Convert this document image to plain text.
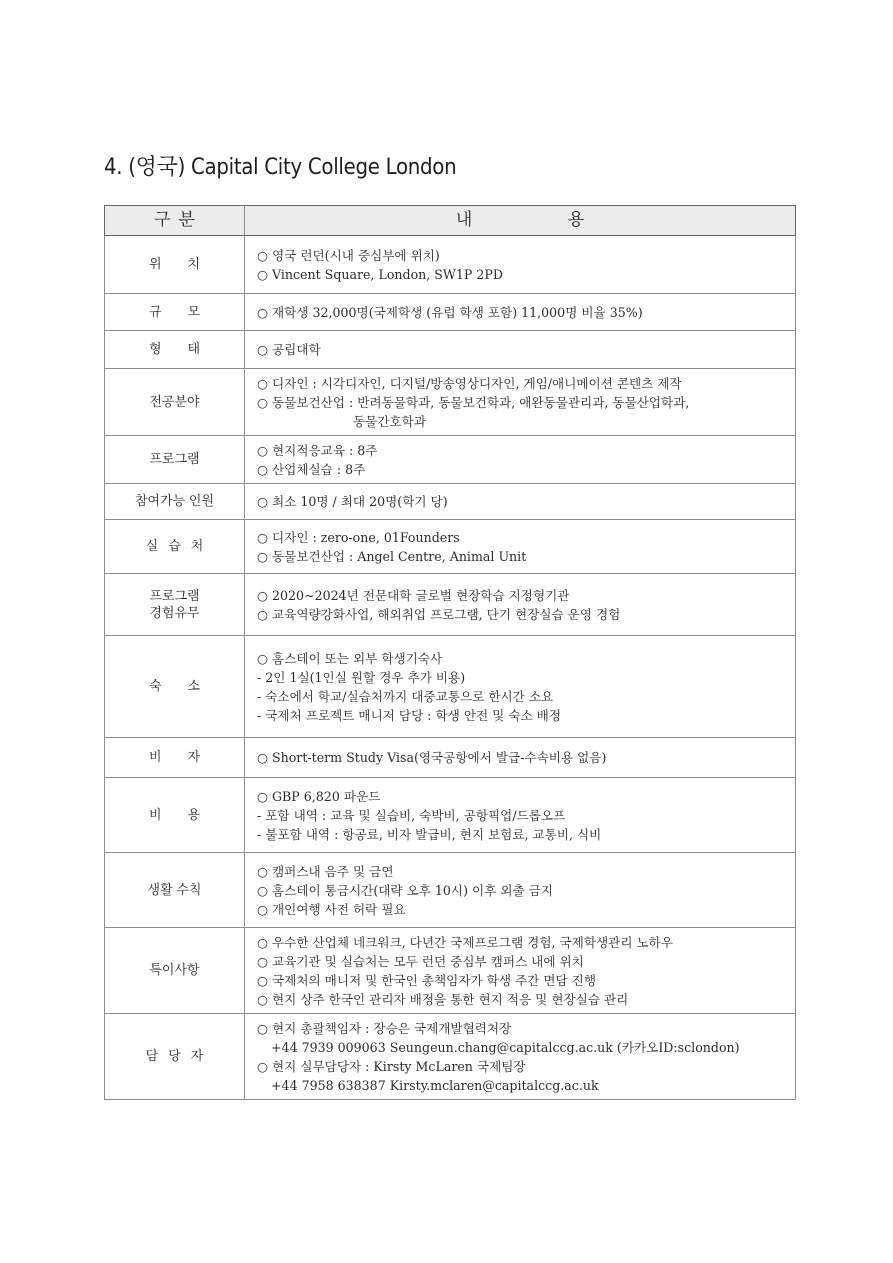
4. (영국) Capital City College London
구분	내 용
위치	○ 영국 런던(시내 중심부에 위치)
○ Vincent Square, London, SW1P 2PD

규모	○ 재학생 32,000명(국제학생 (유럽 학생 포함) 11,000명 비율 35%)

형태	○ 공립대학

전공분야	○ 디자인 : 시각디자인, 디지털/방송영상디자인, 게임/애니메이션 콘텐츠 제작
○ 동물보건산업 : 반려동물학과, 동물보건학과, 애완동물관리과, 동물산업학과,
동물간호학과

프로그램	○ 현지적응교육 : 8주
○ 산업체실습 : 8주

참여가능 인원	○ 최소 10명 / 최대 20명(학기 당)

실습처	○ 디자인 : zero-one, 01Founders
○ 동물보건산업 : Angel Centre, Animal Unit

프로그램
경험유무	○ 2020~2024년 전문대학 글로벌 현장학습 지정형기관
○ 교육역량강화사업, 해외취업 프로그램, 단기 현장실습 운영 경험

숙소	○ 홈스테이 또는 외부 학생기숙사
- 2인 1실(1인실 원할 경우 추가 비용)
- 숙소에서 학교/실습처까지 대중교통으로 한시간 소요
- 국제처 프로젝트 매니저 담당 : 학생 안전 및 숙소 배정

비자	○ Short-term Study Visa(영국공항에서 발급-수속비용 없음)

비용	○ GBP 6,820 파운드
- 포함 내역 : 교육 및 실습비, 숙박비, 공항픽업/드롭오프
- 불포함 내역 : 항공료, 비자 발급비, 현지 보험료, 교통비, 식비

생활 수칙	○ 캠퍼스내 음주 및 금연
○ 홈스테이 통금시간(대략 오후 10시) 이후 외출 금지
○ 개인여행 사전 허락 필요

특이사항	○ 우수한 산업체 네크워크, 다년간 국제프로그램 경험, 국제학생관리 노하우
○ 교육기관 및 실습처는 모두 런던 중심부 캠퍼스 내에 위치
○ 국제처의 매니저 및 한국인 총책임자가 학생 주간 면담 진행
○ 현지 상주 한국인 관리자 배정을 통한 현지 적응 및 현장실습 관리

담당자	○ 현지 총괄책임자 : 장승은 국제개발협력처장
+44 7939 009063 Seungeun.chang@capitalccg.ac.uk (카카오ID:sclondon)
○ 현지 실무담당자 : Kirsty McLaren 국제팀장
+44 7958 638387 Kirsty.mclaren@capitalccg.ac.uk
